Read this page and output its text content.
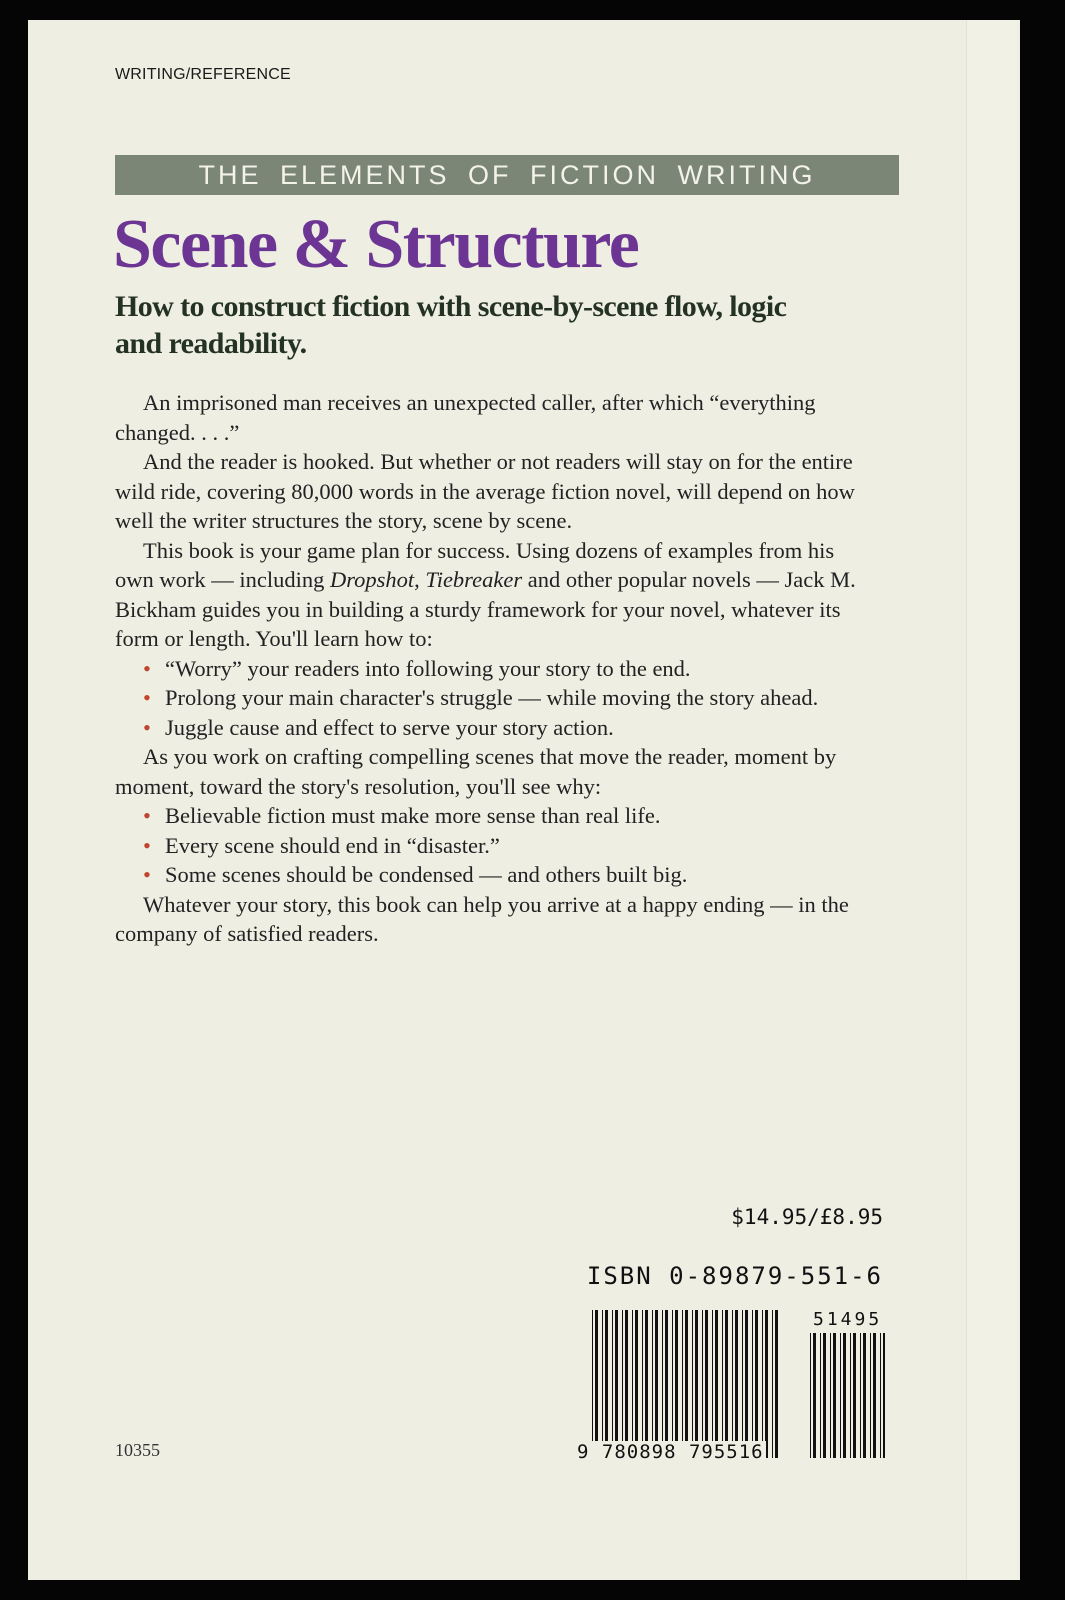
WRITING/REFERENCE
THE ELEMENTS OF FICTION WRITING
Scene & Structure
How to construct fiction with scene-by-scene flow, logic and readability.

An imprisoned man receives an unexpected caller, after which “everything changed. . . .”

And the reader is hooked. But whether or not readers will stay on for the entire wild ride, covering 80,000 words in the average fiction novel, will depend on how well the writer structures the story, scene by scene.

This book is your game plan for success. Using dozens of examples from his own work — including Dropshot, Tiebreaker and other popular novels — Jack M. Bickham guides you in building a sturdy framework for your novel, whatever its form or length. You'll learn how to:

• “Worry” your readers into following your story to the end.
• Prolong your main character's struggle — while moving the story ahead.
• Juggle cause and effect to serve your story action.

As you work on crafting compelling scenes that move the reader, moment by moment, toward the story's resolution, you'll see why:

• Believable fiction must make more sense than real life.
• Every scene should end in “disaster.”
• Some scenes should be condensed — and others built big.

Whatever your story, this book can help you arrive at a happy ending — in the company of satisfied readers.

$14.95/£8.95
ISBN 0-89879-551-6
51495
9 780898 795516
10355
